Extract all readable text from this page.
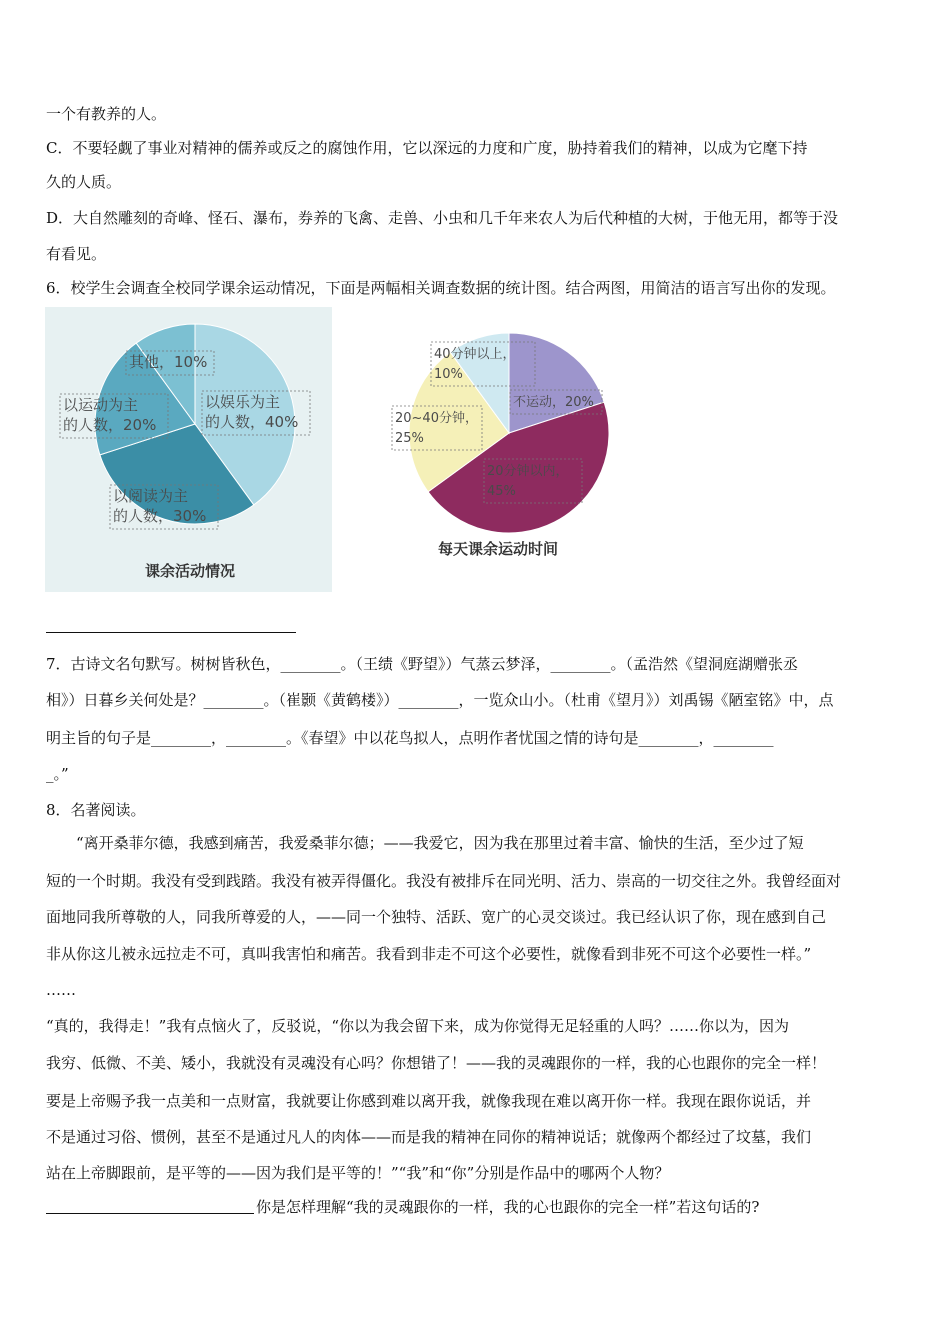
一个有教养的人。
C．不要轻觑了事业对精神的儒养或反之的腐蚀作用，它以深远的力度和广度，胁持着我们的精神，以成为它麾下持
久的人质。
D．大自然雕刻的奇峰、怪石、瀑布，券养的飞禽、走兽、小虫和几千年来农人为后代种植的大树，于他无用，都等于没
有看见。
6．校学生会调查全校同学课余运动情况，下面是两幅相关调查数据的统计图。结合两图，用简洁的语言写出你的发现。
以娱乐为主
的人数，40%
以阅读为主
的人数，30%
以运动为主
的人数，20%
其他，10%
课余活动情况
不运动，20%
20分钟以内，
45%
20~40分钟，
25%
40分钟以上，
10%
每天课余运动时间
7．古诗文名句默写。树树皆秋色，________。（王绩《野望》）气蒸云梦泽，________。（孟浩然《望洞庭湖赠张丞
相》）日暮乡关何处是？________。（崔颢《黄鹤楼》）________，一览众山小。（杜甫《望月》）刘禹锡《陋室铭》中，点
明主旨的句子是________，________。《春望》中以花鸟拟人，点明作者忧国之情的诗句是________，________
_。”
8．名著阅读。
“离开桑菲尔德，我感到痛苦，我爱桑菲尔德；——我爱它，因为我在那里过着丰富、愉快的生活，至少过了短
短的一个时期。我没有受到践踏。我没有被弄得僵化。我没有被排斥在同光明、活力、崇高的一切交往之外。我曾经面对
面地同我所尊敬的人，同我所尊爱的人，——同一个独特、活跃、宽广的心灵交谈过。我已经认识了你，现在感到自己
非从你这儿被永远拉走不可，真叫我害怕和痛苦。我看到非走不可这个必要性，就像看到非死不可这个必要性一样。”
……
“真的，我得走！”我有点恼火了，反驳说，“你以为我会留下来，成为你觉得无足轻重的人吗？……你以为，因为
我穷、低微、不美、矮小，我就没有灵魂没有心吗？你想错了！——我的灵魂跟你的一样，我的心也跟你的完全一样！
要是上帝赐予我一点美和一点财富，我就要让你感到难以离开我，就像我现在难以离开你一样。我现在跟你说话，并
不是通过习俗、惯例，甚至不是通过凡人的肉体——而是我的精神在同你的精神说话；就像两个都经过了坟墓，我们
站在上帝脚跟前，是平等的——因为我们是平等的！”“我”和“你”分别是作品中的哪两个人物？
你是怎样理解“我的灵魂跟你的一样，我的心也跟你的完全一样”若这句话的?
